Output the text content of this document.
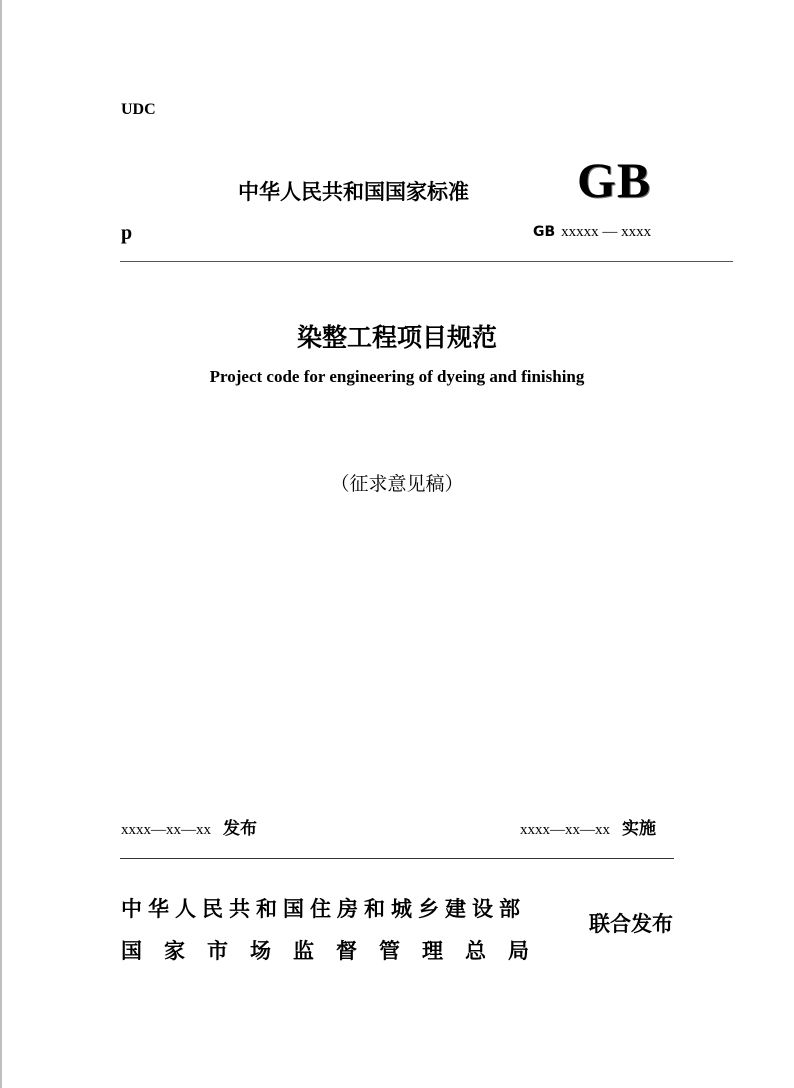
UDC
中华人民共和国国家标准 GB
p	GB xxxxx — xxxx
染整工程项目规范
Project code for engineering of dyeing and finishing
（征求意见稿）
xxxx—xx—xx 发布	xxxx—xx—xx 实施
中华人民共和国住房和城乡建设部
国家市场监督管理总局
联合发布
